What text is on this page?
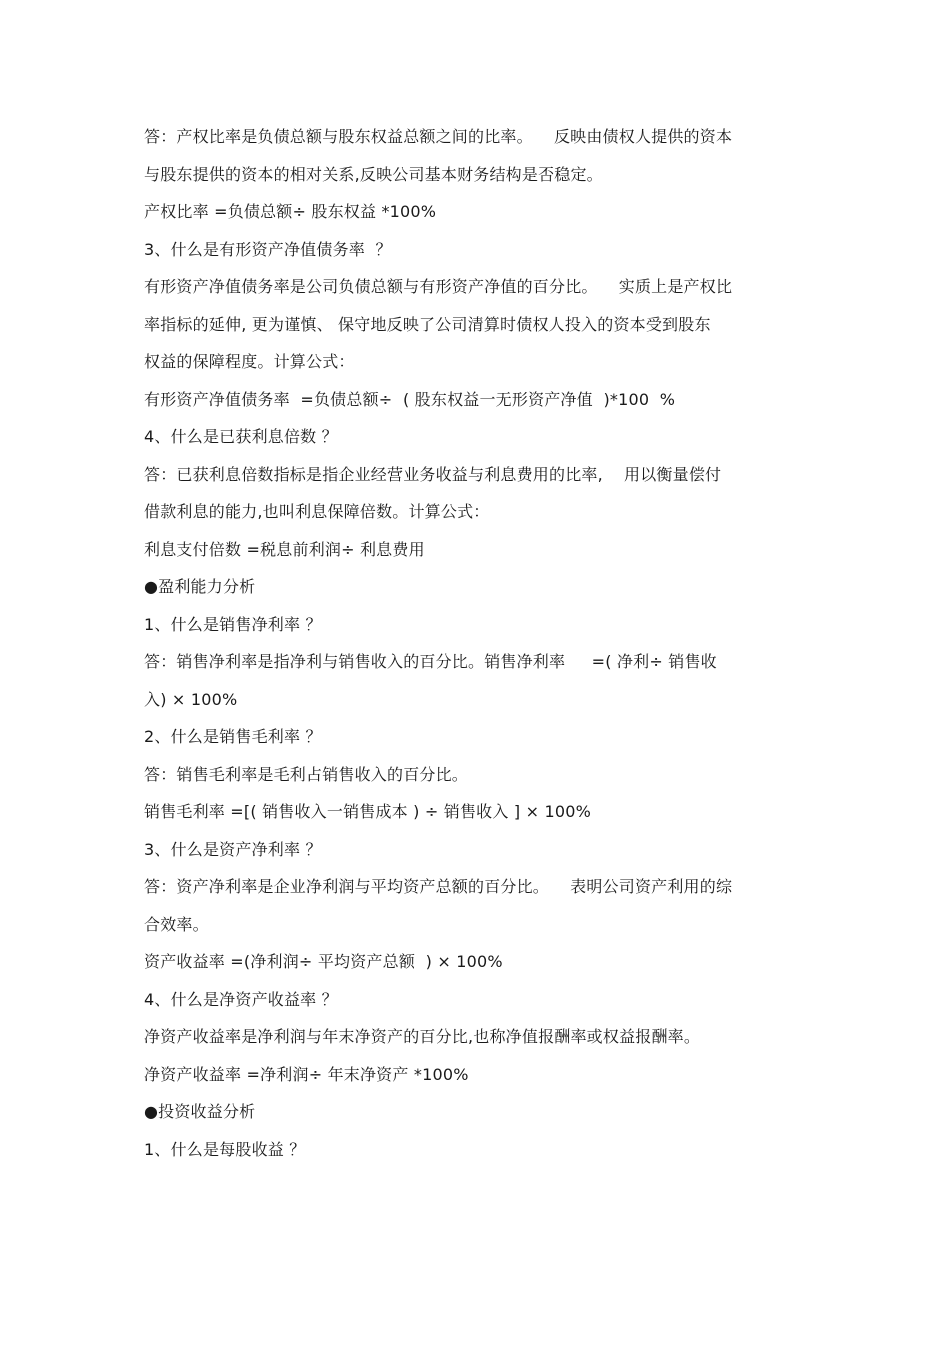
答：产权比率是负债总额与股东权益总额之间的比率。    反映由债权人提供的资本
与股东提供的资本的相对关系,反映公司基本财务结构是否稳定。
产权比率 =负债总额÷ 股东权益 *100%
3、什么是有形资产净值债务率  ？
有形资产净值债务率是公司负债总额与有形资产净值的百分比。    实质上是产权比
率指标的延伸, 更为谨慎、 保守地反映了公司清算时债权人投入的资本受到股东
权益的保障程度。计算公式：
有形资产净值债务率  =负债总额÷  ( 股东权益一无形资产净值  )*100  %
4、什么是已获利息倍数 ？
答：已获利息倍数指标是指企业经营业务收益与利息费用的比率,    用以衡量偿付
借款利息的能力,也叫利息保障倍数。计算公式：
利息支付倍数 =税息前利润÷ 利息费用
●盈利能力分析
1、什么是销售净利率 ？
答：销售净利率是指净利与销售收入的百分比。销售净利率     =( 净利÷ 销售收
入) × 100%
2、什么是销售毛利率 ？
答：销售毛利率是毛利占销售收入的百分比。
销售毛利率 =[( 销售收入一销售成本 ) ÷ 销售收入 ] × 100%
3、什么是资产净利率 ？
答：资产净利率是企业净利润与平均资产总额的百分比。    表明公司资产利用的综
合效率。
资产收益率 =(净利润÷ 平均资产总额  ) × 100%
4、什么是净资产收益率 ？
净资产收益率是净利润与年末净资产的百分比,也称净值报酬率或权益报酬率。
净资产收益率 =净利润÷ 年末净资产 *100%
●投资收益分析
1、什么是每股收益 ？
